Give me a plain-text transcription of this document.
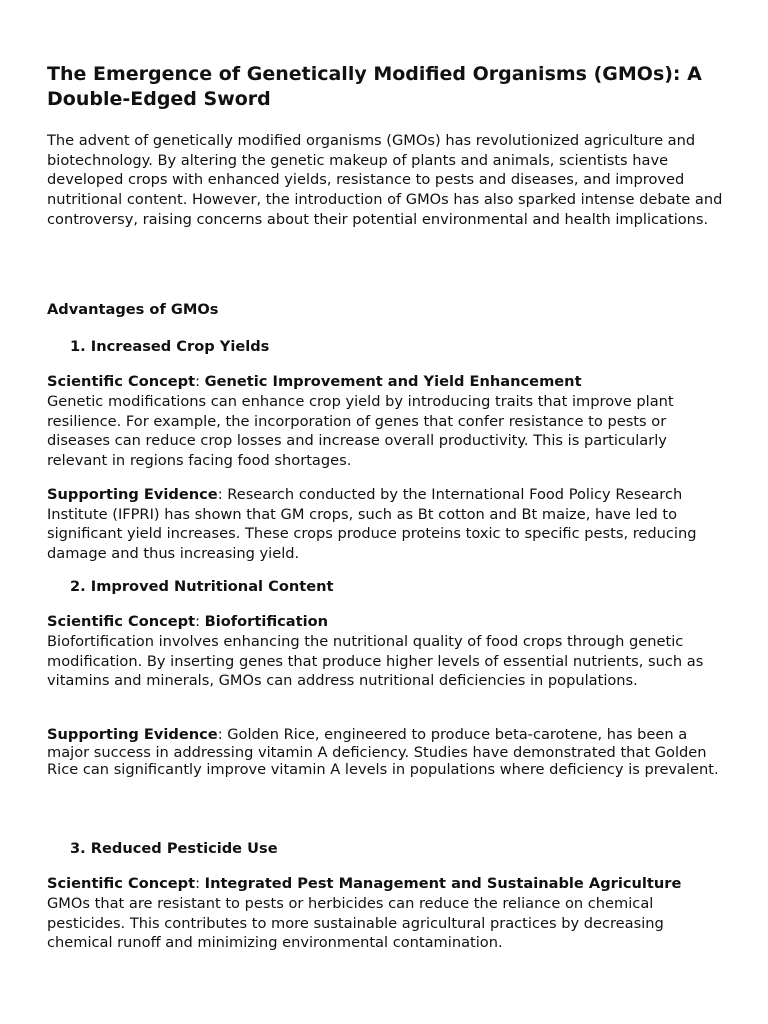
The Emergence of Genetically Modified Organisms (GMOs): A Double-Edged Sword

The advent of genetically modified organisms (GMOs) has revolutionized agriculture and biotechnology. By altering the genetic makeup of plants and animals, scientists have developed crops with enhanced yields, resistance to pests and diseases, and improved nutritional content. However, the introduction of GMOs has also sparked intense debate and controversy, raising concerns about their potential environmental and health implications.

Advantages of GMOs

1. Increased Crop Yields

Scientific Concept: Genetic Improvement and Yield Enhancement

Genetic modifications can enhance crop yield by introducing traits that improve plant resilience. For example, the incorporation of genes that confer resistance to pests or diseases can reduce crop losses and increase overall productivity. This is particularly relevant in regions facing food shortages.

Supporting Evidence: Research conducted by the International Food Policy Research Institute (IFPRI) has shown that GM crops, such as Bt cotton and Bt maize, have led to significant yield increases. These crops produce proteins toxic to specific pests, reducing damage and thus increasing yield.

2. Improved Nutritional Content

Scientific Concept: Biofortification

Biofortification involves enhancing the nutritional quality of food crops through genetic modification. By inserting genes that produce higher levels of essential nutrients, such as vitamins and minerals, GMOs can address nutritional deficiencies in populations.

Supporting Evidence: Golden Rice, engineered to produce beta-carotene, has been a major success in addressing vitamin A deficiency. Studies have demonstrated that Golden Rice can significantly improve vitamin A levels in populations where deficiency is prevalent.

3. Reduced Pesticide Use

Scientific Concept: Integrated Pest Management and Sustainable Agriculture

GMOs that are resistant to pests or herbicides can reduce the reliance on chemical pesticides. This contributes to more sustainable agricultural practices by decreasing chemical runoff and minimizing environmental contamination.
